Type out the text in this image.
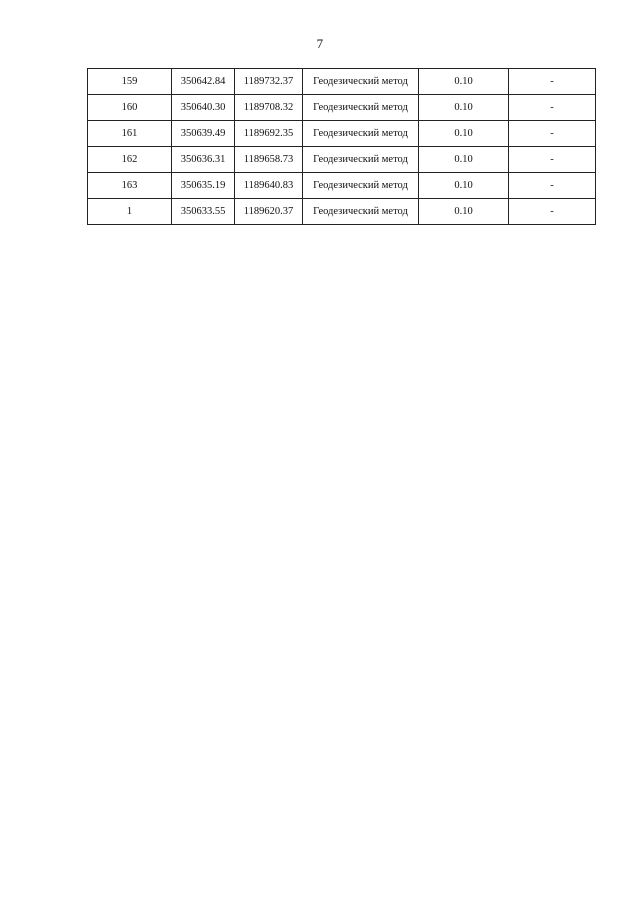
7
159	350642.84	1189732.37	Геодезический метод	0.10	-
160	350640.30	1189708.32	Геодезический метод	0.10	-
161	350639.49	1189692.35	Геодезический метод	0.10	-
162	350636.31	1189658.73	Геодезический метод	0.10	-
163	350635.19	1189640.83	Геодезический метод	0.10	-
1	350633.55	1189620.37	Геодезический метод	0.10	-
